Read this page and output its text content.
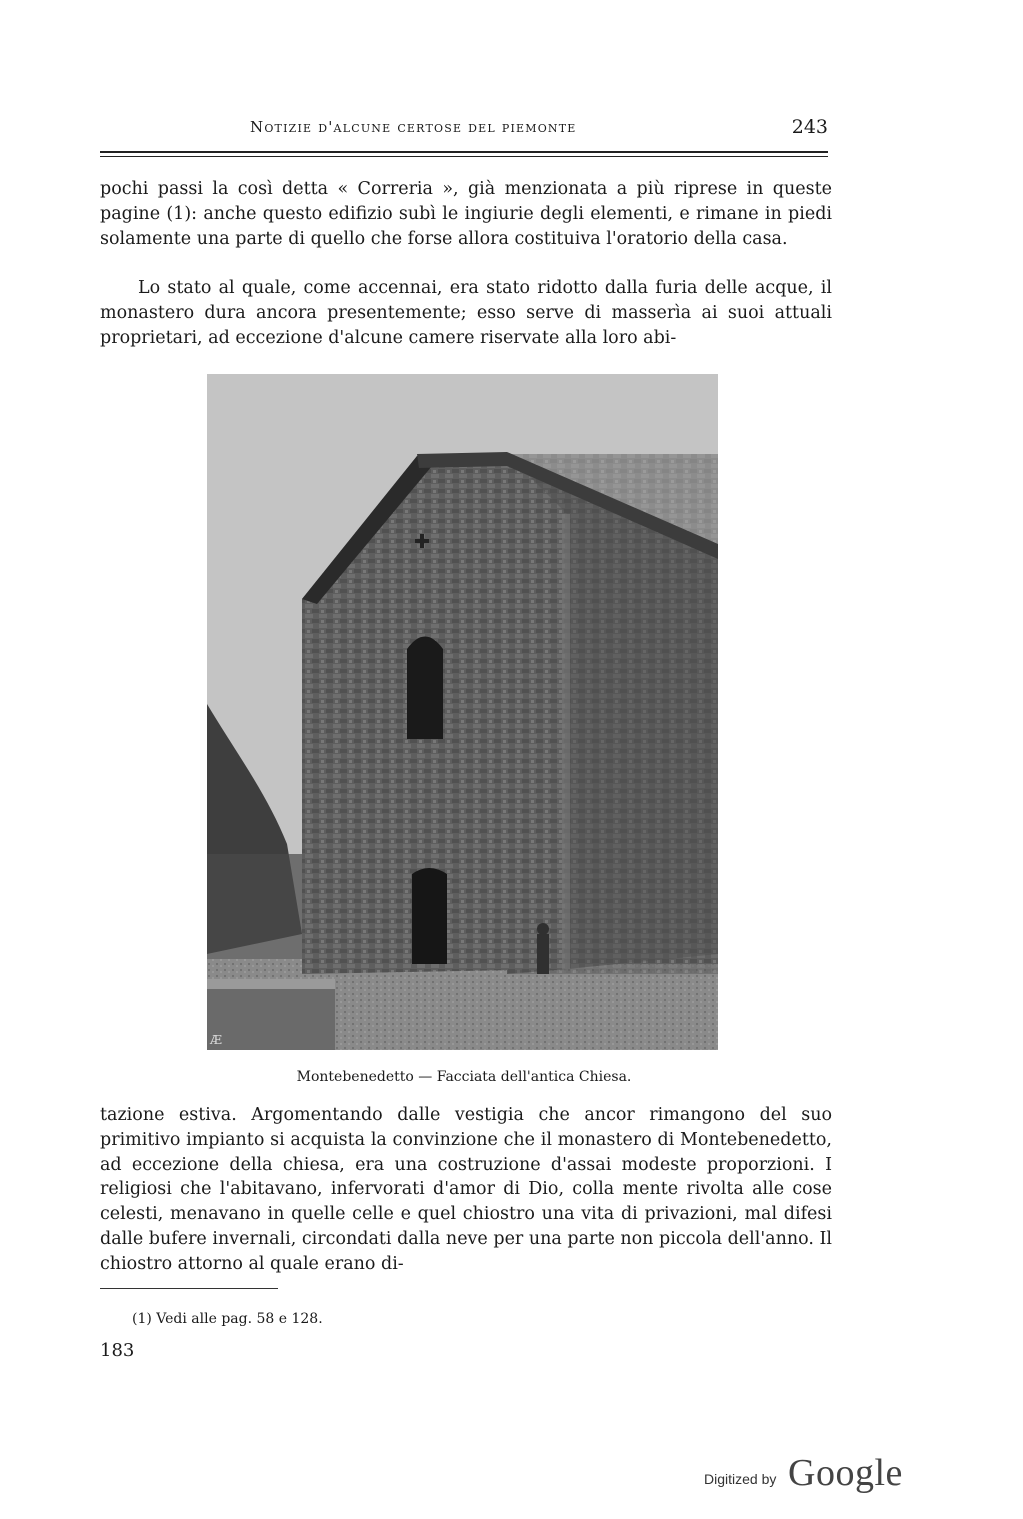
Notizie d'alcune certose del piemonte	243

pochi passi la così detta « Correria », già menzionata a più riprese in queste pagine (1): anche questo edifizio subì le ingiurie degli elementi, e rimane in piedi solamente una parte di quello che forse allora costituiva l'oratorio della casa.

Lo stato al quale, come accennai, era stato ridotto dalla furia delle acque, il monastero dura ancora presentemente; esso serve di masserìa ai suoi attuali proprietari, ad eccezione d'alcune camere riservate alla loro abi-

Æ
Montebenedetto — Facciata dell'antica Chiesa.

tazione estiva. Argomentando dalle vestigia che ancor rimangono del suo primitivo impianto si acquista la convinzione che il monastero di Montebenedetto, ad eccezione della chiesa, era una costruzione d'assai modeste proporzioni. I religiosi che l'abitavano, infervorati d'amor di Dio, colla mente rivolta alle cose celesti, menavano in quelle celle e quel chiostro una vita di privazioni, mal difesi dalle bufere invernali, circondati dalla neve per una parte non piccola dell'anno. Il chiostro attorno al quale erano di-

(1) Vedi alle pag. 58 e 128.
183
Digitized by Google
